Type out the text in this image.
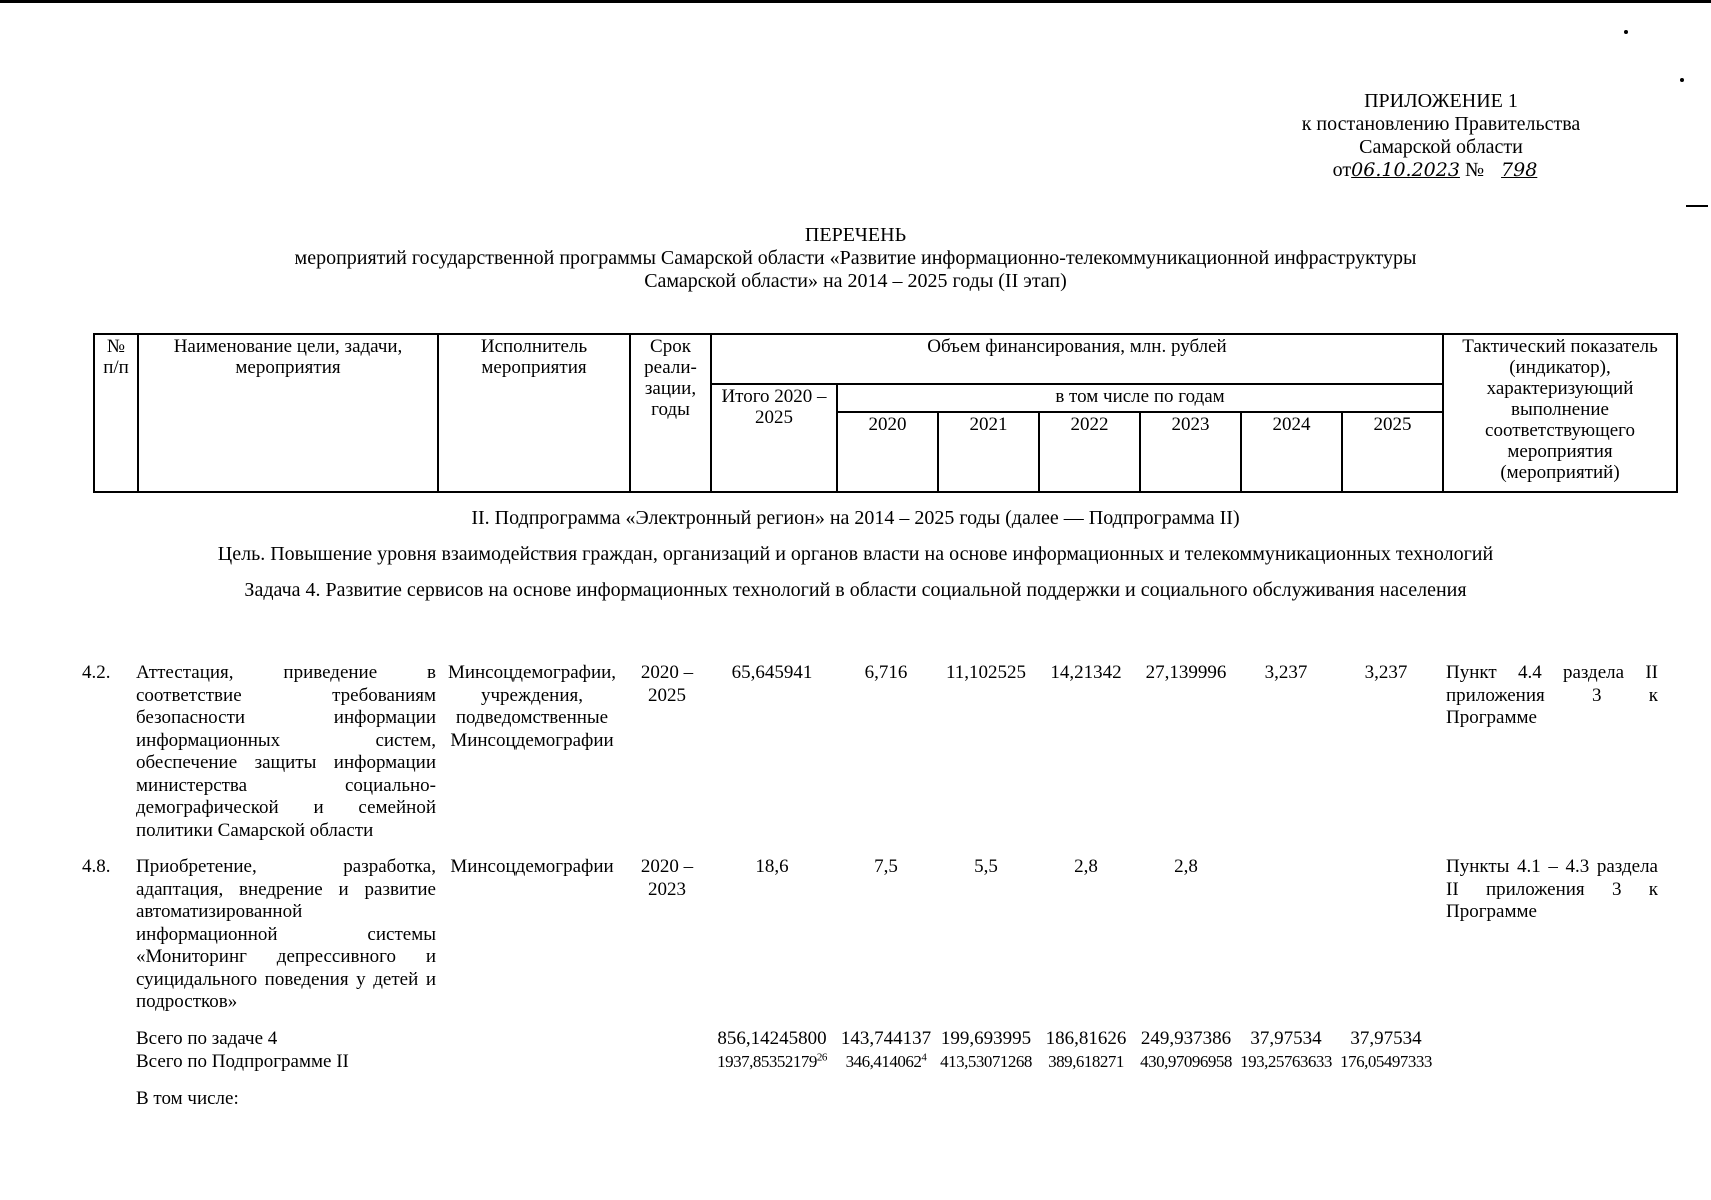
ПРИЛОЖЕНИЕ 1
к постановлению Правительства
Самарской области
от06.10.2023 № 798
ПЕРЕЧЕНЬ
мероприятий государственной программы Самарской области «Развитие информационно-телекоммуникационной инфраструктуры
Самарской области» на 2014 – 2025 годы (II этап)
№ п/п	Наименование цели, задачи, мероприятия	Исполнитель мероприятия	Срок реали-зации, годы	Объем финансирования, млн. рублей							Тактический показатель (индикатор), характеризующий выполнение соответствующего мероприятия (мероприятий)
				Итого 2020 – 2025	в том числе по годам						
					2020	2021	2022	2023	2024	2025	
II. Подпрограмма «Электронный регион» на 2014 – 2025 годы (далее — Подпрограмма II)
Цель. Повышение уровня взаимодействия граждан, организаций и органов власти на основе информационных и телекоммуникационных технологий
Задача 4. Развитие сервисов на основе информационных технологий в области социальной поддержки и социального обслуживания населения
4.2.	Аттестация, приведение в соответствие требованиям безопасности информации информационных систем, обеспечение защиты информации министерства социально-демографической и семейной политики Самарской области	Минсоцдемографии, учреждения, подведомственные Минсоцдемографии	2020 – 2025	65,645941	6,716	11,102525	14,21342	27,139996	3,237	3,237	Пункт 4.4 раздела II приложения 3 к Программе

4.8.	Приобретение, разработка, адаптация, внедрение и развитие автоматизированной информационной системы «Мониторинг депрессивного и суицидального поведения у детей и подростков»	Минсоцдемографии	2020 – 2023	18,6	7,5	5,5	2,8	2,8			Пункты 4.1 – 4.3 раздела II приложения 3 к Программе
	Всего по задаче 4			856,14245800	143,744137	199,693995	186,81626	249,937386	37,97534	37,97534	
	Всего по Подпрограмме II			1937,85352179$^{26}$	346,414062$^4$	413,53071268	389,618271	430,97096958	193,25763633	176,05497333	
	В том числе:										
